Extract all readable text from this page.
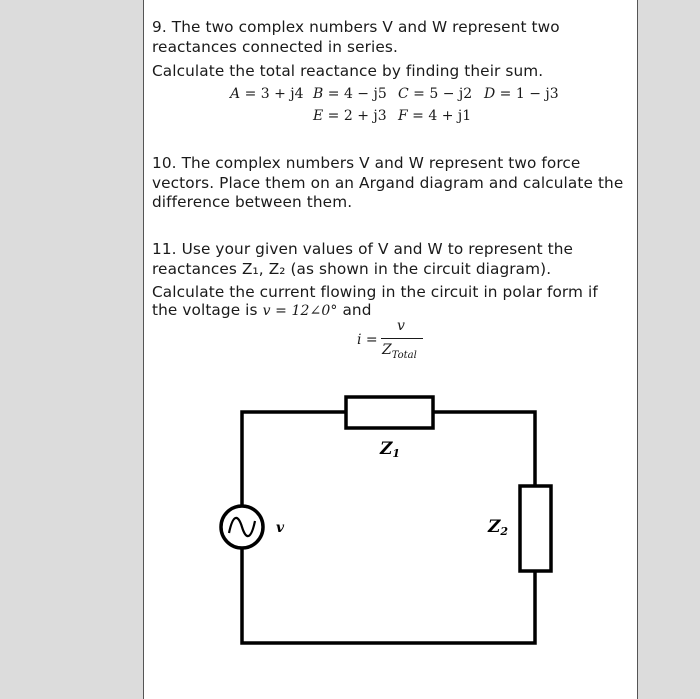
9. The two complex numbers V and W represent two
reactances connected in series.
Calculate the total reactance by finding their sum.
A = 3 + j4 B = 4 − j5 C = 5 − j2 D = 1 − j3
E = 2 + j3 F = 4 + j1
10. The complex numbers V and W represent two force
vectors. Place them on an Argand diagram and calculate the
difference between them.
11. Use your given values of V and W to represent the
reactances Z₁, Z₂ (as shown in the circuit diagram).
Calculate the current flowing in the circuit in polar form if
the voltage is v = 12∠0° and
i =
v
$Z_{Total}$
Z1
Z2
v
